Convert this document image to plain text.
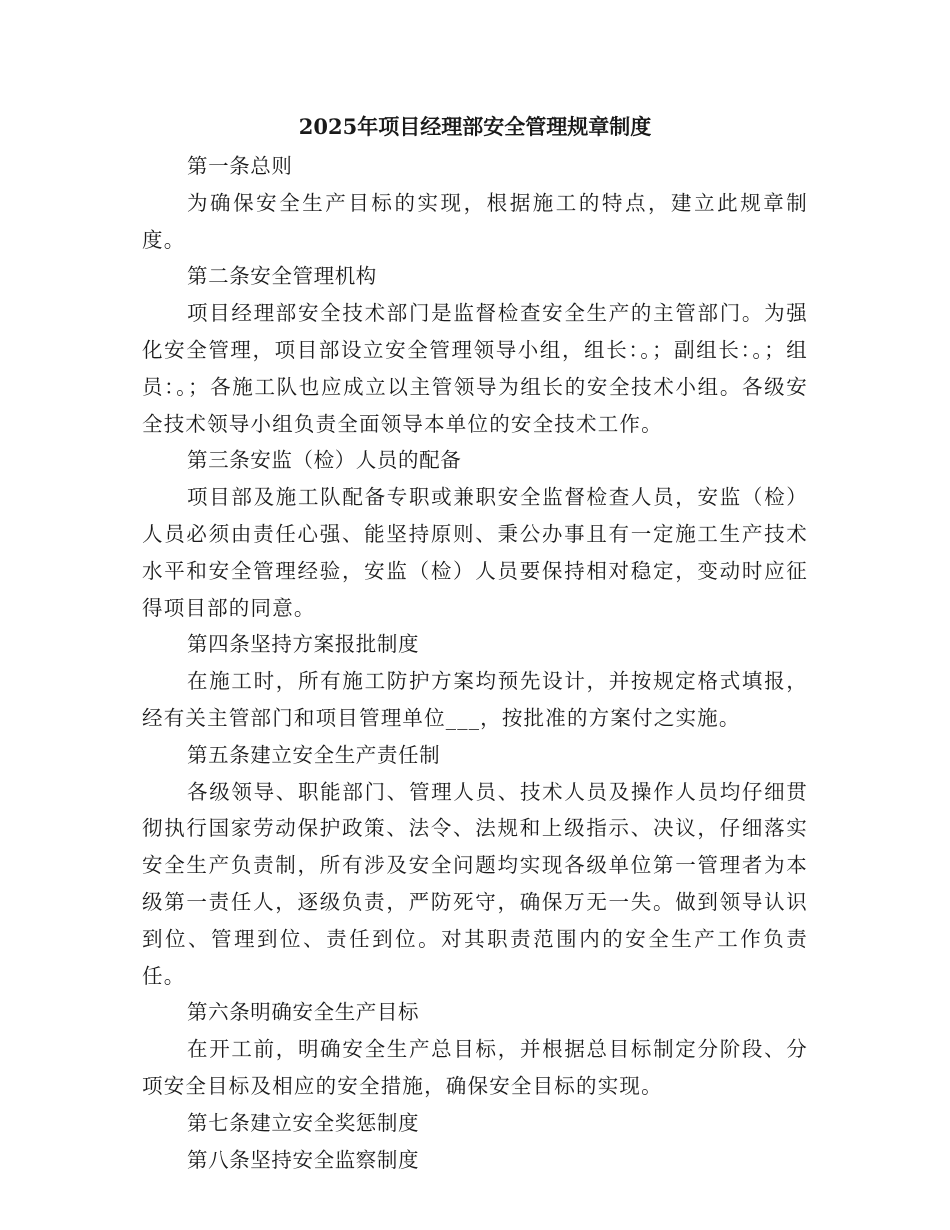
2025年项目经理部安全管理规章制度

第一条总则

为确保安全生产目标的实现，根据施工的特点，建立此规章制度。

第二条安全管理机构

项目经理部安全技术部门是监督检查安全生产的主管部门。为强化安全管理，项目部设立安全管理领导小组，组长：。；副组长：。；组员：。；各施工队也应成立以主管领导为组长的安全技术小组。各级安全技术领导小组负责全面领导本单位的安全技术工作。

第三条安监（检）人员的配备

项目部及施工队配备专职或兼职安全监督检查人员，安监（检）人员必须由责任心强、能坚持原则、秉公办事且有一定施工生产技术水平和安全管理经验，安监（检）人员要保持相对稳定，变动时应征得项目部的同意。

第四条坚持方案报批制度

在施工时，所有施工防护方案均预先设计，并按规定格式填报，经有关主管部门和项目管理单位___，按批准的方案付之实施。

第五条建立安全生产责任制

各级领导、职能部门、管理人员、技术人员及操作人员均仔细贯彻执行国家劳动保护政策、法令、法规和上级指示、决议，仔细落实安全生产负责制，所有涉及安全问题均实现各级单位第一管理者为本级第一责任人，逐级负责，严防死守，确保万无一失。做到领导认识到位、管理到位、责任到位。对其职责范围内的安全生产工作负责任。

第六条明确安全生产目标

在开工前，明确安全生产总目标，并根据总目标制定分阶段、分项安全目标及相应的安全措施，确保安全目标的实现。

第七条建立安全奖惩制度

第八条坚持安全监察制度
